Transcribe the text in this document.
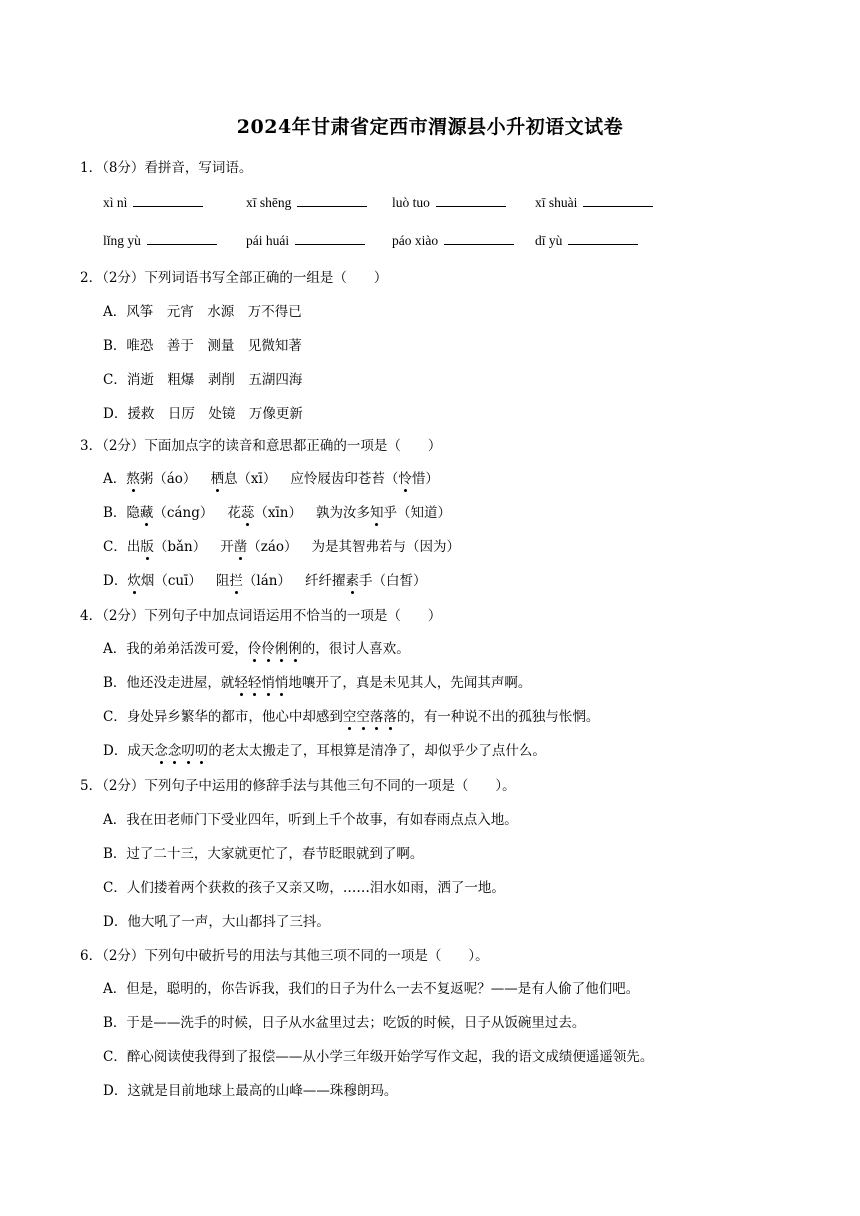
2024年甘肃省定西市渭源县小升初语文试卷
1．（8分）看拼音，写词语。
xì nì	xī shēng	luò tuo	xī shuài
lǐng yù	pái huái	páo xiào	dī yù
2．（2分）下列词语书写全部正确的一组是（　　）
A．风筝　元宵　水源　万不得已
B．唯恐　善于　测量　见微知著
C．消逝　粗爆　剥削　五湖四海
D．援救　日厉　处镜　万像更新
3．（2分）下面加点字的读音和意思都正确的一项是（　　）
A．熬粥（áo） 栖息（xī） 应怜屐齿印苍苔（怜惜）
B．隐藏（cáng） 花蕊（xīn） 孰为汝多知乎（知道）
C．出版（bǎn） 开凿（záo） 为是其智弗若与（因为）
D．炊烟（cuī） 阻拦（lán） 纤纤擢素手（白皙）
4．（2分）下列句子中加点词语运用不恰当的一项是（　　）
A．我的弟弟活泼可爱，伶伶俐俐的，很讨人喜欢。
B．他还没走进屋，就轻轻悄悄地嚷开了，真是未见其人，先闻其声啊。
C．身处异乡繁华的都市，他心中却感到空空落落的，有一种说不出的孤独与怅惘。
D．成天念念叨叨的老太太搬走了，耳根算是清净了，却似乎少了点什么。
5．（2分）下列句子中运用的修辞手法与其他三句不同的一项是（　　）。
A．我在田老师门下受业四年，听到上千个故事，有如春雨点点入地。
B．过了二十三，大家就更忙了，春节眨眼就到了啊。
C．人们搂着两个获救的孩子又亲又吻，……泪水如雨，洒了一地。
D．他大吼了一声，大山都抖了三抖。
6．（2分）下列句中破折号的用法与其他三项不同的一项是（　　）。
A．但是，聪明的，你告诉我，我们的日子为什么一去不复返呢？——是有人偷了他们吧。
B．于是——洗手的时候，日子从水盆里过去；吃饭的时候，日子从饭碗里过去。
C．醉心阅读使我得到了报偿——从小学三年级开始学写作文起，我的语文成绩便遥遥领先。
D．这就是目前地球上最高的山峰——珠穆朗玛。
